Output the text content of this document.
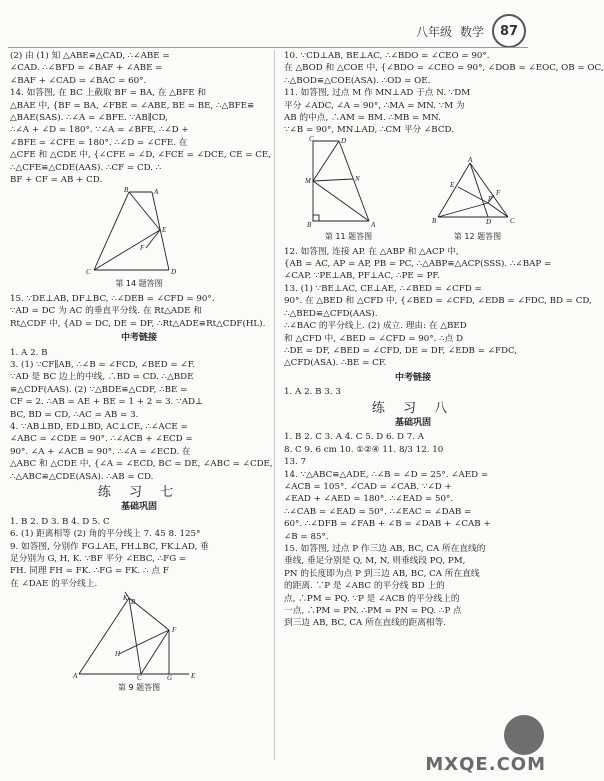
八年级 数学	87
(2) 由 (1) 知 △ABE≌△CAD, ∴∠ABE =
∠CAD. ∴∠BFD = ∠BAF + ∠ABE =
∠BAF + ∠CAD = ∠BAC = 60°.
14. 如答图, 在 BC 上截取 BF = BA, 在 △BFE 和
△BAE 中, {BF = BA, ∠FBE = ∠ABE, BE = BE, ∴△BFE≌
△BAE(SAS). ∴∠A = ∠BFE. ∵AB∥CD,
∴∠A + ∠D = 180°. ∵∠A = ∠BFE, ∴∠D +
∠BFE = ∠CFE = 180°. ∴∠D = ∠CFE. 在
△CFE 和 △CDE 中, {∠CFE = ∠D, ∠FCE = ∠DCE, CE = CE,
∴△CFE≌△CDE(AAS). ∴CF = CD. ∴
BF + CF = AB + CD.
B	A
E
F
C	D
第 14 题答图
15. ∵DE⊥AB, DF⊥BC, ∴∠DEB = ∠CFD = 90°.
∵AD = DC 为 AC 的垂直平分线. 在 Rt△ADE 和
Rt△CDF 中, {AD = DC, DE = DF, ∴Rt△ADE≌Rt△CDF(HL).
中考链接
1. A 2. B
3. (1) ∵CF∥AB, ∴∠B = ∠FCD, ∠BED = ∠F.
∵AD 是 BC 边上的中线, ∴BD = CD. ∴△BDE
≌△CDF(AAS). (2) ∵△BDE≌△CDF, ∴BE =
CF = 2. ∴AB = AE + BE = 1 + 2 = 3. ∵AD⊥
BC, BD = CD, ∴AC = AB = 3.
4. ∵AB⊥BD, ED⊥BD, AC⊥CE, ∴∠ACE =
∠ABC = ∠CDE = 90°. ∴∠ACB + ∠ECD =
90°. ∠A + ∠ACB = 90°. ∴∠A = ∠ECD. 在
△ABC 和 △CDE 中, {∠A = ∠ECD, BC = DE, ∠ABC = ∠CDE,
∴△ABC≌△CDE(ASA). ∴AB = CD.
练 习 七
基础巩固
1. B 2. D 3. B 4. D 5. C
6. (1) 距离相等 (2) 角的平分线上 7. 45 8. 125°
9. 如答图, 分别作 FG⊥AE, FH⊥BC, FK⊥AD, 垂
足分别为 G, H, K. ∵BF 平分 ∠EBC, ∴FG =
FH. 同理 FH = FK. ∴FG = FK. ∴ 点 F
在 ∠DAE 的平分线上.
A
K B
F
H
C	G	E
第 9 题答图
10. ∵CD⊥AB, BE⊥AC, ∴∠BDO = ∠CEO = 90°.
在 △BOD 和 △COE 中, {∠BDO = ∠CEO = 90°, ∠DOB = ∠EOC, OB = OC,
∴△BOD≌△COE(ASA). ∴OD = OE.
11. 如答图, 过点 M 作 MN⊥AD 于点 N. ∵DM
平分 ∠ADC, ∠A = 90°, ∴MA = MN. ∵M 为
AB 的中点, ∴AM = BM. ∴MB = MN.
∵∠B = 90°, MN⊥AD, ∴CM 平分 ∠BCD.
C	D
M	N
B	A
第 11 题答图
A
E
F
P
B	D	C
第 12 题答图
12. 如答图, 连接 AP. 在 △ABP 和 △ACP 中,
{AB = AC, AP = AP, PB = PC, ∴△ABP≌△ACP(SSS). ∴∠BAP =
∠CAP. ∵PE⊥AB, PF⊥AC, ∴PE = PF.
13. (1) ∵BE⊥AC, CE⊥AE, ∴∠BED = ∠CFD =
90°. 在 △BED 和 △CFD 中, {∠BED = ∠CFD, ∠EDB = ∠FDC, BD = CD,
∴△BED≌△CFD(AAS).
∴∠BAC 的平分线上. (2) 成立. 理由: 在 △BED
和 △CFD 中, ∠BED = ∠CFD = 90°. ∴点 D
∴DE = DF, ∠BED = ∠CFD, DE = DF, ∠EDB = ∠FDC,
△CFD(ASA). ∴BE = CF.
中考链接
1. A 2. B 3. 3
练 习 八
基础巩固
1. B 2. C 3. A 4. C 5. D 6. D 7. A
8. C 9. 6 cm 10. ①②④ 11. 8/3 12. 10
13. 7
14. ∵△ABC≌△ADE, ∴∠B = ∠D = 25°. ∠AED =
∠ACB = 105°. ∠CAD = ∠CAB. ∵∠D +
∠EAD + ∠AED = 180°. ∴∠EAD = 50°.
∴∠CAB = ∠EAD = 50°. ∴∠EAC = ∠DAB =
60°. ∴∠DFB = ∠FAB + ∠B = ∠DAB + ∠CAB +
∠B = 85°.
15. 如答图, 过点 P 作三边 AB, BC, CA 所在直线的
垂线, 垂足分别是 Q, M, N, 则垂线段 PQ, PM,
PN 的长度即为点 P 到三边 AB, BC, CA 所在直线
的距离. ∵P 是 ∠ABC 的平分线 BD 上的
点, ∴PM = PQ. ∵P 是 ∠ACB 的平分线上的
一点, ∴PM = PN. ∴PM = PN = PQ. ∴P 点
到三边 AB, BC, CA 所在直线的距离相等.
MXQE.COM
